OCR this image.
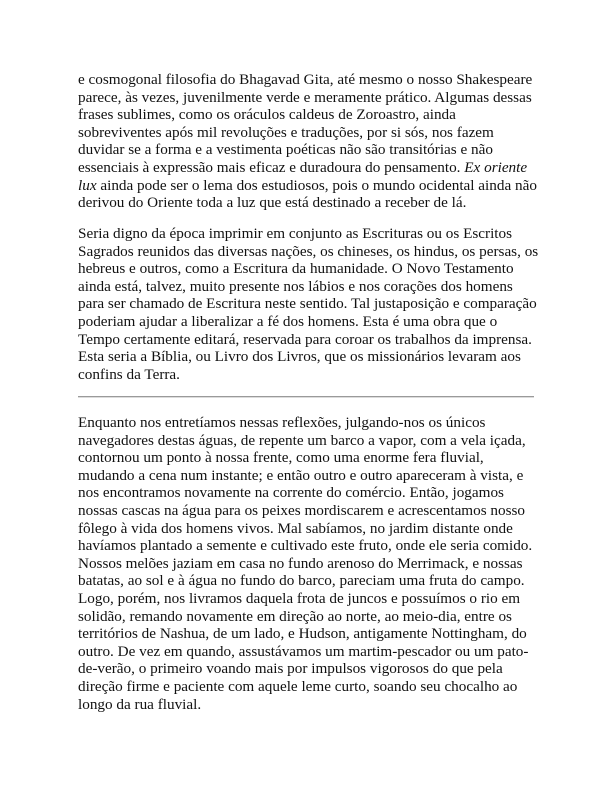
e cosmogonal filosofia do Bhagavad Gita, até mesmo o nosso Shakespeare
parece, às vezes, juvenilmente verde e meramente prático. Algumas dessas
frases sublimes, como os oráculos caldeus de Zoroastro, ainda
sobreviventes após mil revoluções e traduções, por si sós, nos fazem
duvidar se a forma e a vestimenta poéticas não são transitórias e não
essenciais à expressão mais eficaz e duradoura do pensamento. Ex oriente
lux ainda pode ser o lema dos estudiosos, pois o mundo ocidental ainda não
derivou do Oriente toda a luz que está destinado a receber de lá.
Seria digno da época imprimir em conjunto as Escrituras ou os Escritos
Sagrados reunidos das diversas nações, os chineses, os hindus, os persas, os
hebreus e outros, como a Escritura da humanidade. O Novo Testamento
ainda está, talvez, muito presente nos lábios e nos corações dos homens
para ser chamado de Escritura neste sentido. Tal justaposição e comparação
poderiam ajudar a liberalizar a fé dos homens. Esta é uma obra que o
Tempo certamente editará, reservada para coroar os trabalhos da imprensa.
Esta seria a Bíblia, ou Livro dos Livros, que os missionários levaram aos
confins da Terra.
Enquanto nos entretíamos nessas reflexões, julgando-nos os únicos
navegadores destas águas, de repente um barco a vapor, com a vela içada,
contornou um ponto à nossa frente, como uma enorme fera fluvial,
mudando a cena num instante; e então outro e outro apareceram à vista, e
nos encontramos novamente na corrente do comércio. Então, jogamos
nossas cascas na água para os peixes mordiscarem e acrescentamos nosso
fôlego à vida dos homens vivos. Mal sabíamos, no jardim distante onde
havíamos plantado a semente e cultivado este fruto, onde ele seria comido.
Nossos melões jaziam em casa no fundo arenoso do Merrimack, e nossas
batatas, ao sol e à água no fundo do barco, pareciam uma fruta do campo.
Logo, porém, nos livramos daquela frota de juncos e possuímos o rio em
solidão, remando novamente em direção ao norte, ao meio-dia, entre os
territórios de Nashua, de um lado, e Hudson, antigamente Nottingham, do
outro. De vez em quando, assustávamos um martim-pescador ou um pato-
de-verão, o primeiro voando mais por impulsos vigorosos do que pela
direção firme e paciente com aquele leme curto, soando seu chocalho ao
longo da rua fluvial.
